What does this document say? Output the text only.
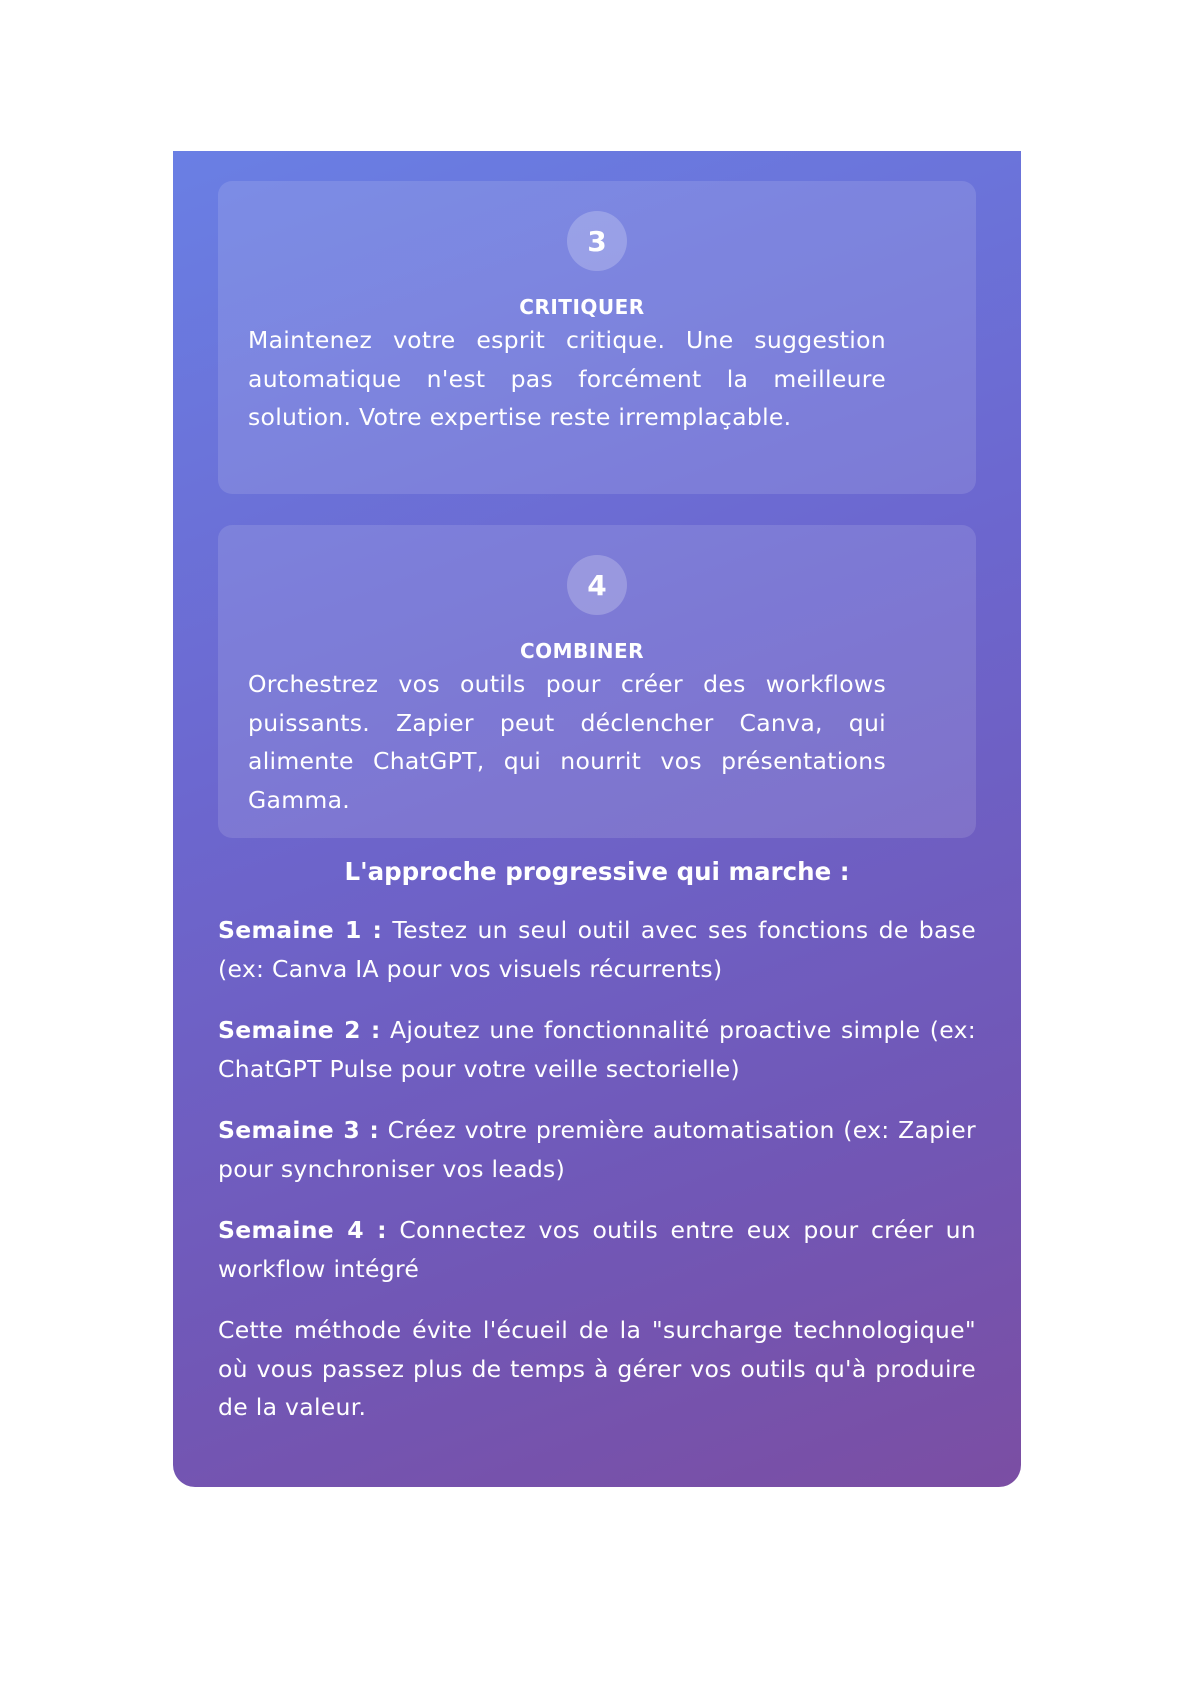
3
CRITIQUER
Maintenez votre esprit critique. Une suggestion automatique n'est pas forcément la meilleure solution. Votre expertise reste irremplaçable.
4
COMBINER
Orchestrez vos outils pour créer des workflows puissants. Zapier peut déclencher Canva, qui alimente ChatGPT, qui nourrit vos présentations Gamma.
L'approche progressive qui marche :
Semaine 1 : Testez un seul outil avec ses fonctions de base (ex: Canva IA pour vos visuels récurrents)
Semaine 2 : Ajoutez une fonctionnalité proactive simple (ex: ChatGPT Pulse pour votre veille sectorielle)
Semaine 3 : Créez votre première automatisation (ex: Zapier pour synchroniser vos leads)
Semaine 4 : Connectez vos outils entre eux pour créer un workflow intégré
Cette méthode évite l'écueil de la "surcharge technologique" où vous passez plus de temps à gérer vos outils qu'à produire de la valeur.
